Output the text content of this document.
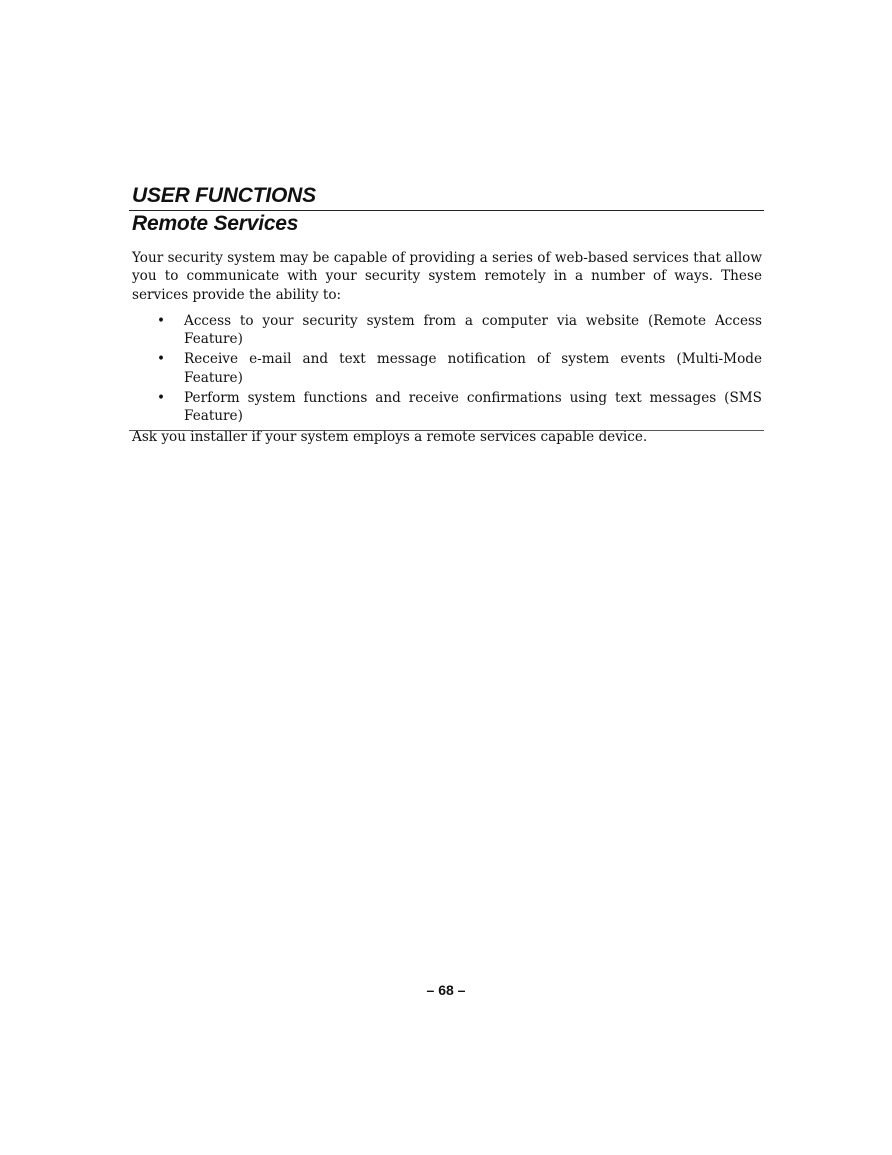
USER FUNCTIONS
Remote Services

Your security system may be capable of providing a series of web-based services that allow you to communicate with your security system remotely in a number of ways. These services provide the ability to:

• Access to your security system from a computer via website (Remote Access Feature)
• Receive e-mail and text message notification of system events (Multi-Mode Feature)
• Perform system functions and receive confirmations using text messages (SMS Feature)

Ask you installer if your system employs a remote services capable device.

– 68 –
